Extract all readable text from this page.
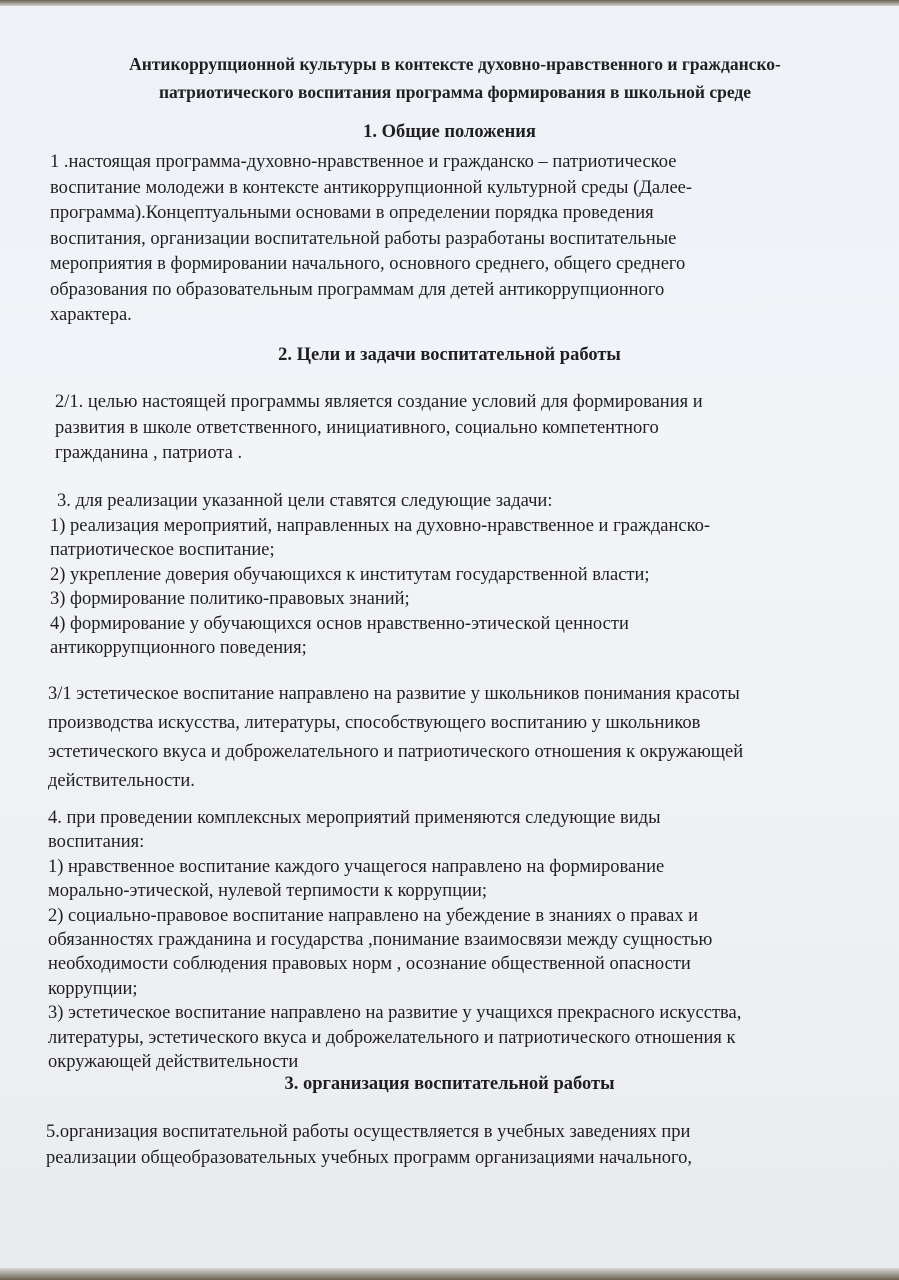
Антикоррупционной культуры в контексте духовно-нравственного и гражданско-
патриотического воспитания программа формирования в школьной среде
1. Общие положения

1 .настоящая программа-духовно-нравственное и гражданско – патриотическое
воспитание молодежи в контексте антикоррупционной культурной среды (Далее-
программа).Концептуальными основами в определении порядка проведения
воспитания, организации воспитательной работы разработаны воспитательные
мероприятия в формировании начального, основного среднего, общего среднего
образования по образовательным программам для детей антикоррупционного
характера.

2. Цели и задачи воспитательной работы

2/1. целью настоящей программы является создание условий для формирования и
развития в школе ответственного, инициативного, социально компетентного
гражданина , патриота .

3. для реализации указанной цели ставятся следующие задачи:
1) реализация мероприятий, направленных на духовно-нравственное и гражданско-
патриотическое воспитание;
2) укрепление доверия обучающихся к институтам государственной власти;
3) формирование политико-правовых знаний;
4) формирование у обучающихся основ нравственно-этической ценности
антикоррупционного поведения;

3/1 эстетическое воспитание направлено на развитие у школьников понимания красоты
производства искусства, литературы, способствующего воспитанию у школьников
эстетического вкуса и доброжелательного и патриотического отношения к окружающей
действительности.

4. при проведении комплексных мероприятий применяются следующие виды
воспитания:
1) нравственное воспитание каждого учащегося направлено на формирование
морально-этической, нулевой терпимости к коррупции;
2) социально-правовое воспитание направлено на убеждение в знаниях о правах и
обязанностях гражданина и государства ,понимание взаимосвязи между сущностью
необходимости соблюдения правовых норм , осознание общественной опасности
коррупции;
3) эстетическое воспитание направлено на развитие у учащихся прекрасного искусства,
литературы, эстетического вкуса и доброжелательного и патриотического отношения к
окружающей действительности

3. организация воспитательной работы

5.организация воспитательной работы осуществляется в учебных заведениях при
реализации общеобразовательных учебных программ организациями начального,
